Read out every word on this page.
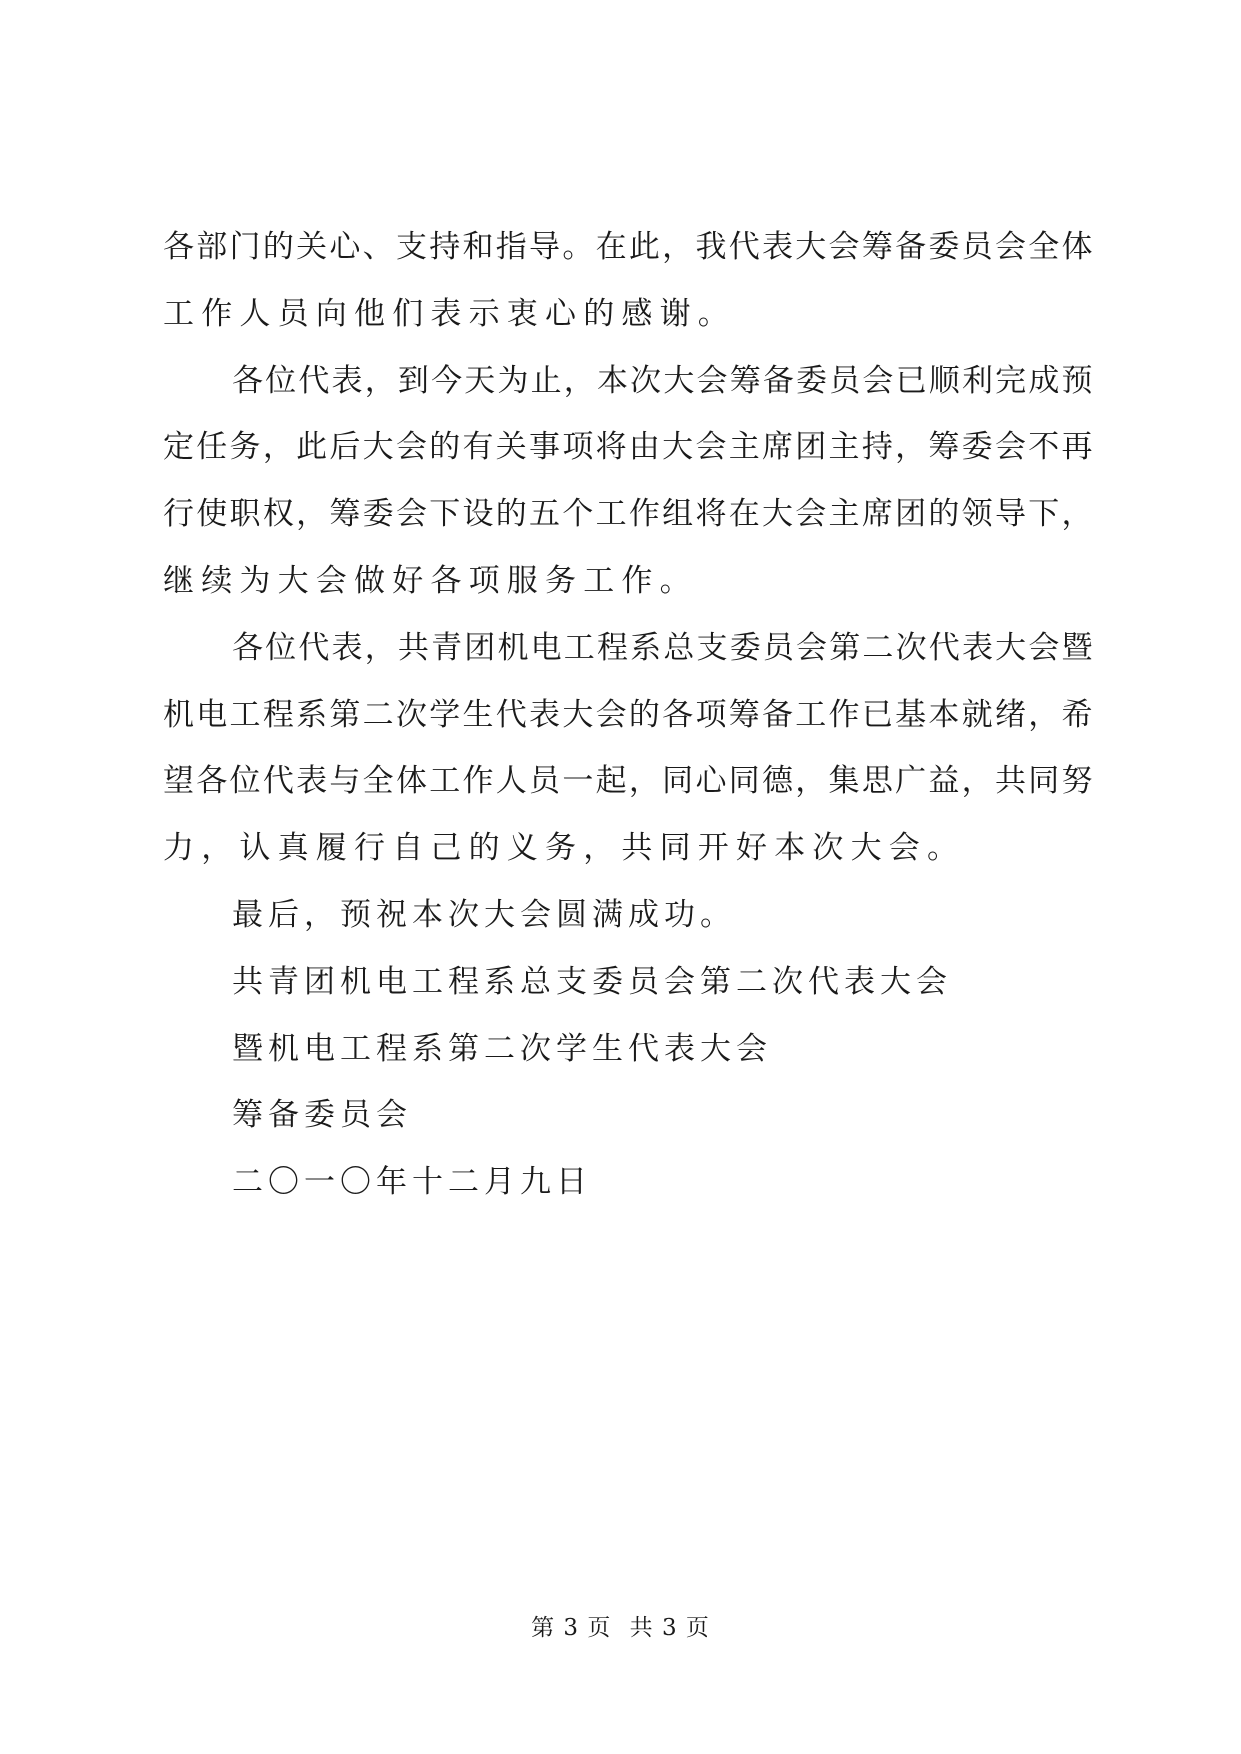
各部门的关心、支持和指导。在此，我代表大会筹备委员会全体
工作人员向他们表示衷心的感谢。
各位代表，到今天为止，本次大会筹备委员会已顺利完成预
定任务，此后大会的有关事项将由大会主席团主持，筹委会不再
行使职权，筹委会下设的五个工作组将在大会主席团的领导下，
继续为大会做好各项服务工作。
各位代表，共青团机电工程系总支委员会第二次代表大会暨
机电工程系第二次学生代表大会的各项筹备工作已基本就绪，希
望各位代表与全体工作人员一起，同心同德，集思广益，共同努
力，认真履行自己的义务，共同开好本次大会。
最后，预祝本次大会圆满成功。
共青团机电工程系总支委员会第二次代表大会
暨机电工程系第二次学生代表大会
筹备委员会
二〇一〇年十二月九日
第 3 页 共 3 页
